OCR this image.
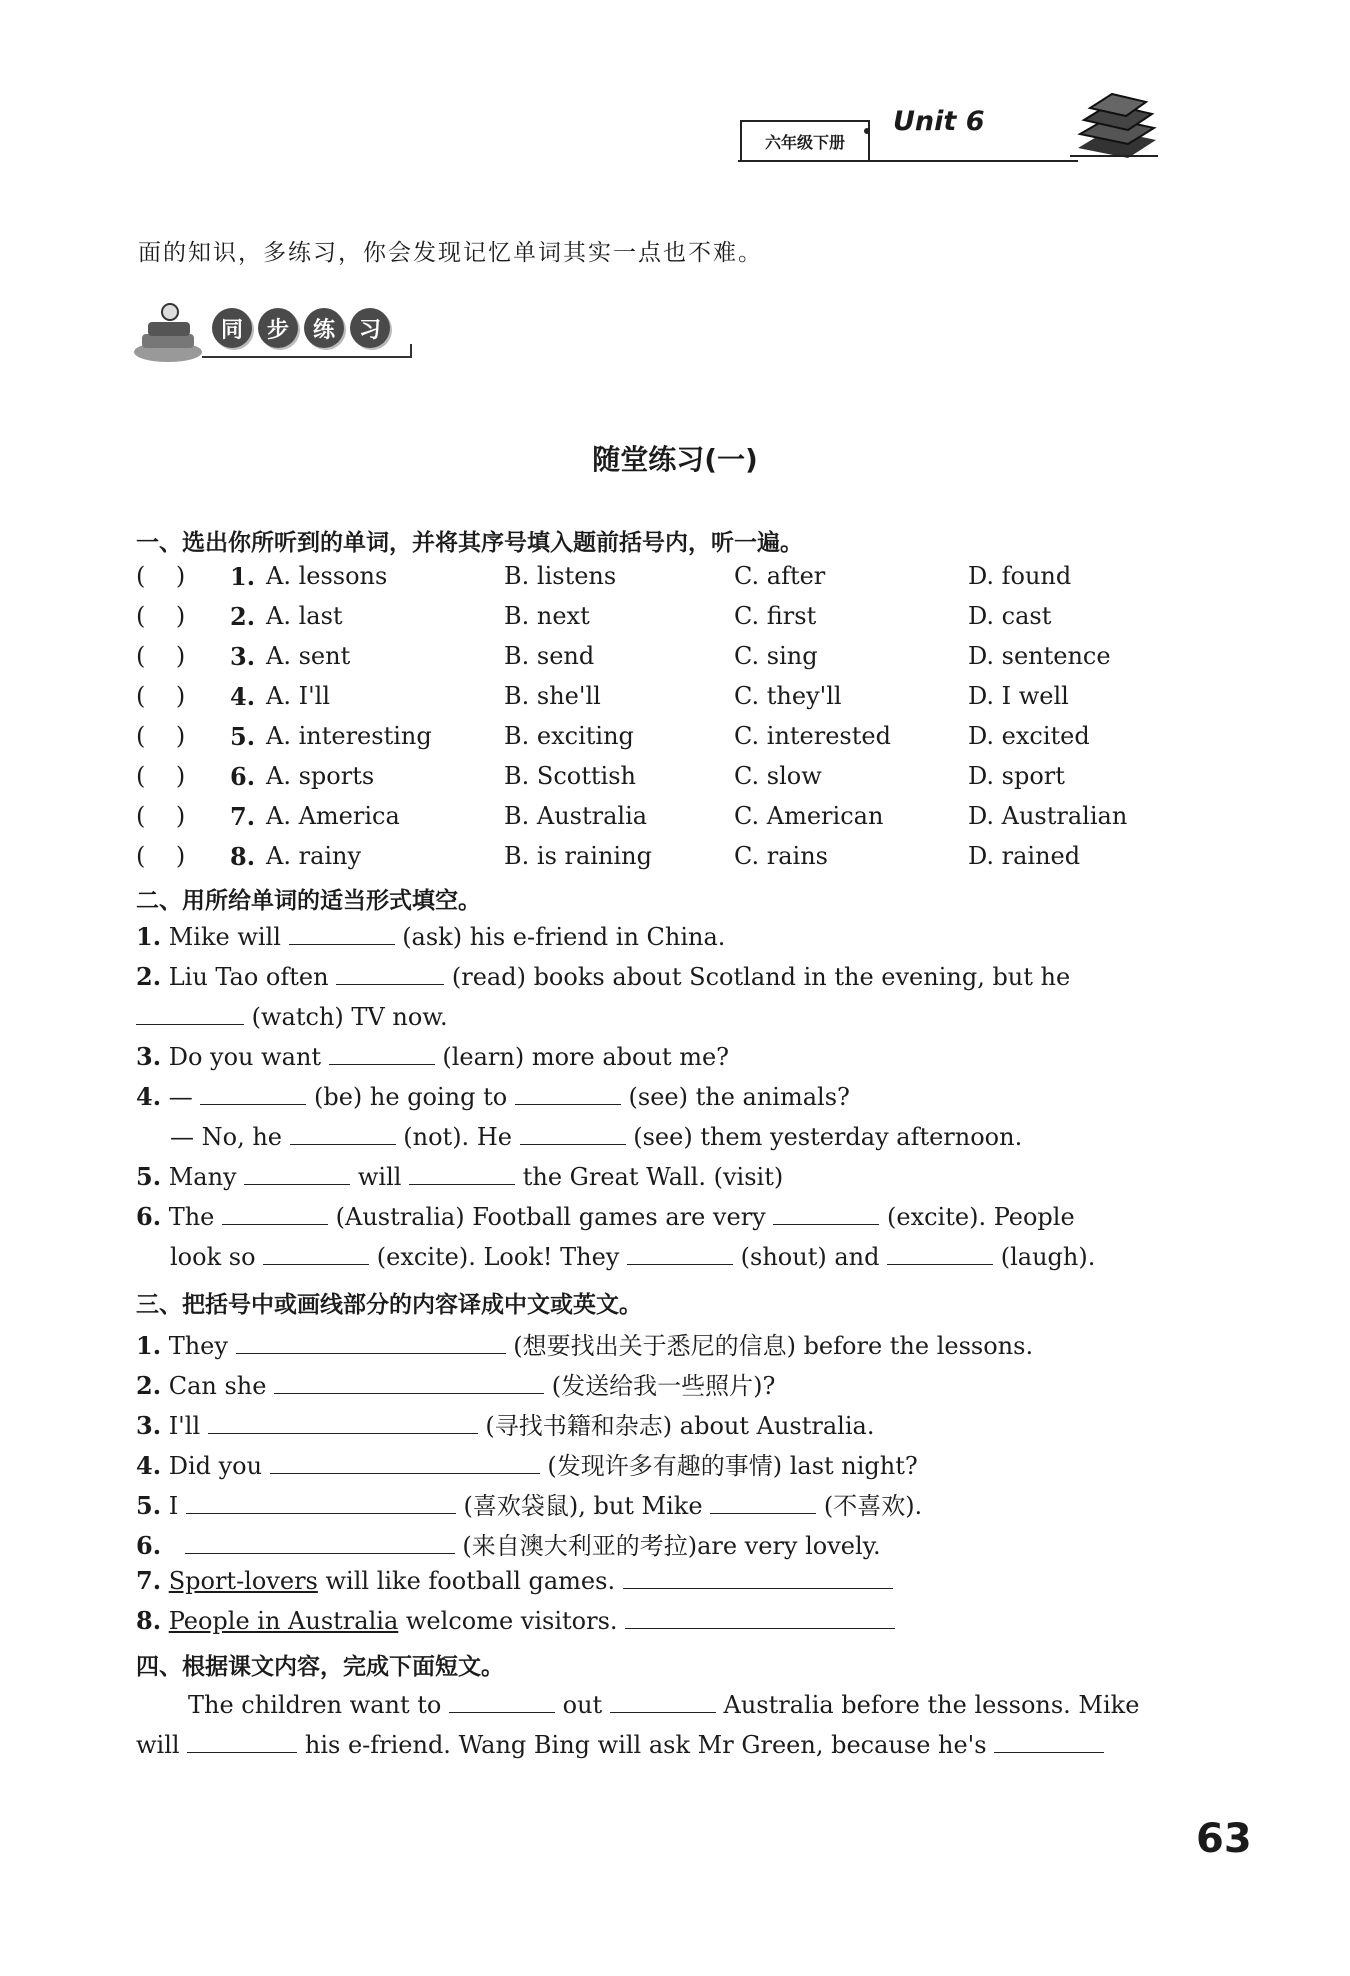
六年级下册
Unit 6
面的知识，多练习，你会发现记忆单词其实一点也不难。
同	步	练	习
随堂练习(一)
一、选出你所听到的单词，并将其序号填入题前括号内，听一遍。
(    ) 1. A. lessons	B. listens	C. after	D. found
(    ) 2. A. last	B. next	C. first	D. cast
(    ) 3. A. sent	B. send	C. sing	D. sentence
(    ) 4. A. I'll	B. she'll	C. they'll	D. I well
(    ) 5. A. interesting	B. exciting	C. interested	D. excited
(    ) 6. A. sports	B. Scottish	C. slow	D. sport
(    ) 7. A. America	B. Australia	C. American	D. Australian
(    ) 8. A. rainy	B. is raining	C. rains	D. rained
二、用所给单词的适当形式填空。
1. Mike will	(ask) his e-friend in China.
2. Liu Tao often	(read) books about Scotland in the evening, but he
(watch) TV now.
3. Do you want	(learn) more about me?
4. —	(be) he going to	(see) the animals?
— No, he	(not). He	(see) them yesterday afternoon.
5. Many	will	the Great Wall. (visit)
6. The	(Australia) Football games are very	(excite). People
look so	(excite). Look! They	(shout) and	(laugh).
三、把括号中或画线部分的内容译成中文或英文。
1. They	(想要找出关于悉尼的信息) before the lessons.
2. Can she	(发送给我一些照片)?
3. I'll	(寻找书籍和杂志) about Australia.
4. Did you	(发现许多有趣的事情) last night?
5. I	(喜欢袋鼠), but Mike	(不喜欢).
6.	(来自澳大利亚的考拉)are very lovely.
7. Sport-lovers will like football games.
8. People in Australia welcome visitors.
四、根据课文内容，完成下面短文。
The children want to	out	Australia before the lessons. Mike
will	his e-friend. Wang Bing will ask Mr Green, because he's
63
